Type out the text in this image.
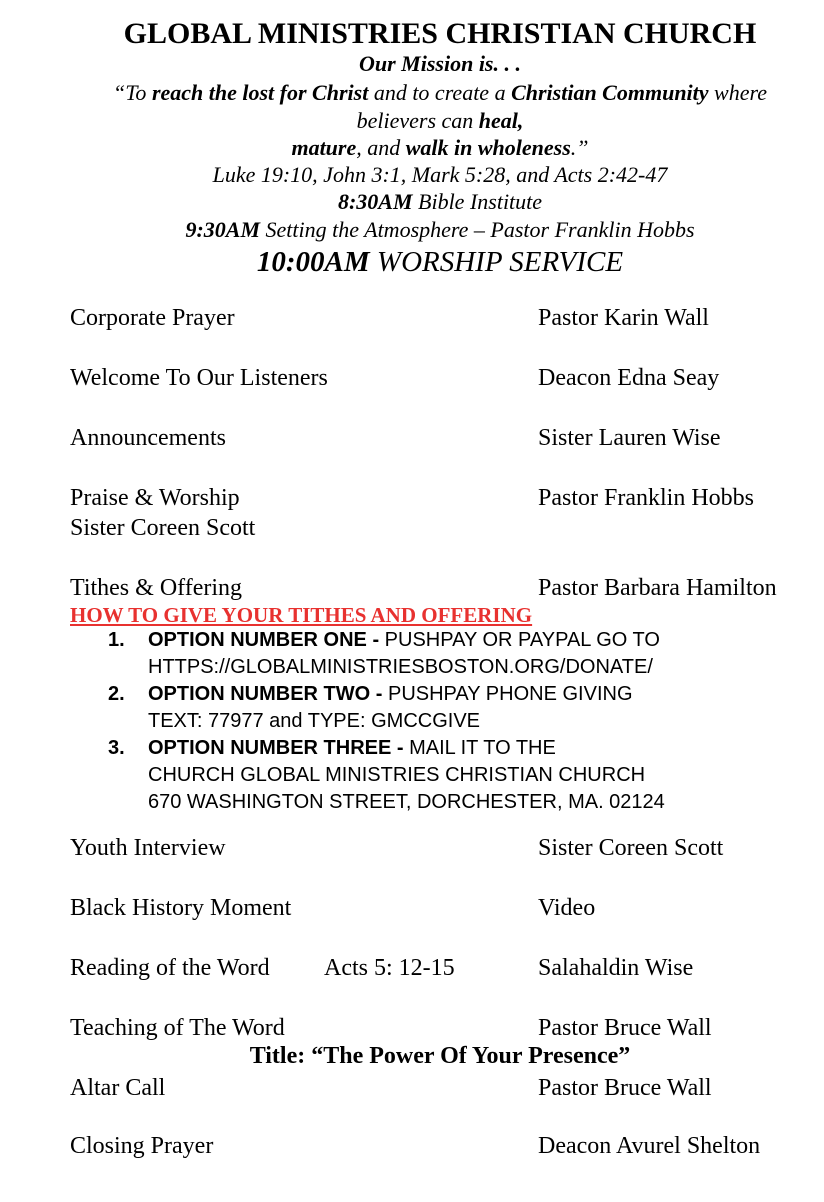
GLOBAL MINISTRIES CHRISTIAN CHURCH
Our Mission is. . .
“To reach the lost for Christ and to create a Christian Community where
believers can heal,
mature, and walk in wholeness.”
Luke 19:10, John 3:1, Mark 5:28, and Acts 2:42-47
8:30AM Bible Institute
9:30AM Setting the Atmosphere – Pastor Franklin Hobbs
10:00AM WORSHIP SERVICE
Corporate Prayer	Pastor Karin Wall
Welcome To Our Listeners	Deacon Edna Seay
Announcements	Sister Lauren Wise
Praise & Worship	Pastor Franklin Hobbs
Sister Coreen Scott
Tithes & Offering	Pastor Barbara Hamilton
HOW TO GIVE YOUR TITHES AND OFFERING
1. OPTION NUMBER ONE - PUSHPAY OR PAYPAL GO TO
HTTPS://GLOBALMINISTRIESBOSTON.ORG/DONATE/
2. OPTION NUMBER TWO - PUSHPAY PHONE GIVING
TEXT: 77977 and TYPE: GMCCGIVE
3. OPTION NUMBER THREE - MAIL IT TO THE
CHURCH GLOBAL MINISTRIES CHRISTIAN CHURCH
670 WASHINGTON STREET, DORCHESTER, MA. 02124
Youth Interview	Sister Coreen Scott
Black History Moment	Video
Reading of the Word Acts 5: 12-15	Salahaldin Wise
Teaching of The Word	Pastor Bruce Wall
Title: “The Power Of Your Presence”
Altar Call	Pastor Bruce Wall
Closing Prayer	Deacon Avurel Shelton
